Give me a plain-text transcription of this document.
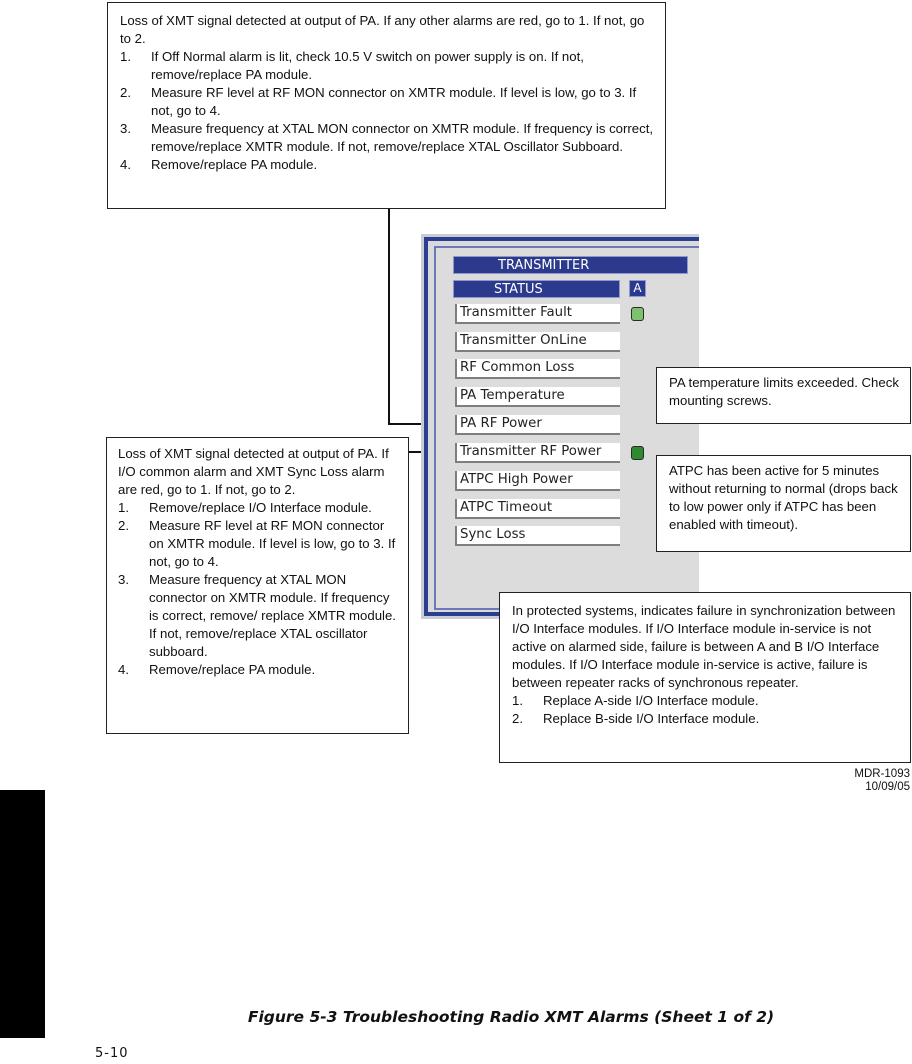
Loss of XMT signal detected at output of PA. If any other alarms are red, go to 1. If not, go to 2.

1. If Off Normal alarm is lit, check 10.5 V switch on power supply is on. If not, remove/replace PA module.
2. Measure RF level at RF MON connector on XMTR module. If level is low, go to 3. If not, go to 4.
3. Measure frequency at XTAL MON connector on XMTR module. If frequency is correct, remove/replace XMTR module. If not, remove/replace XTAL Oscillator Subboard.
4. Remove/replace PA module.
TRANSMITTER
STATUS	A
Transmitter Fault
Transmitter OnLine
RF Common Loss
PA Temperature
PA RF Power
Transmitter RF Power
ATPC High Power
ATPC Timeout
Sync Loss

Loss of XMT signal detected at output of PA. If I/O common alarm and XMT Sync Loss alarm are red, go to 1. If not, go to 2.

1. Remove/replace I/O Interface module.
2. Measure RF level at RF MON connector on XMTR module. If level is low, go to 3. If not, go to 4.
3. Measure frequency at XTAL MON connector on XMTR module. If frequency is correct, remove/ replace XMTR module. If not, remove/replace XTAL oscillator subboard.
4. Remove/replace PA module.

PA temperature limits exceeded. Check mounting screws.

ATPC has been active for 5 minutes without returning to normal (drops back to low power only if ATPC has been enabled with timeout).

In protected systems, indicates failure in synchronization between I/O Interface modules. If I/O Interface module in-service is not active on alarmed side, failure is between A and B I/O Interface modules. If I/O Interface module in-service is active, failure is between repeater racks of synchronous repeater.

1. Replace A-side I/O Interface module.
2. Replace B-side I/O Interface module.
MDR-1093
10/09/05
Figure 5-3 Troubleshooting Radio XMT Alarms (Sheet 1 of 2)
5-10
